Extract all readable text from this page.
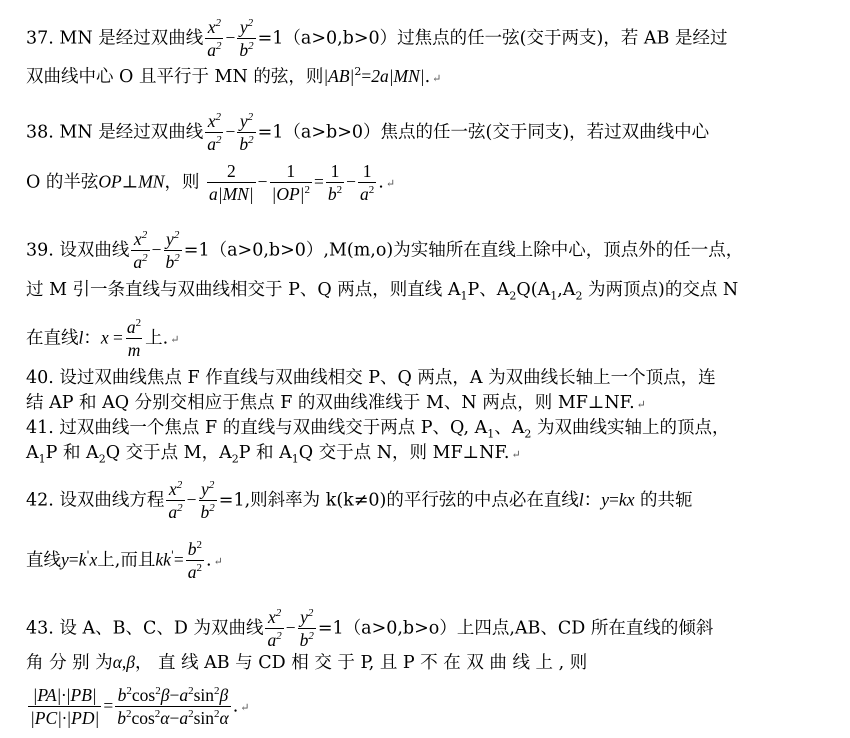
37. MN 是经过双曲线 $\frac{x^2}{a^2} - \frac{y^2}{b^2} =1(a>0,b>0)$过焦点的任一弦(交于两支)，若 AB 是经过
双曲线中心 O 且平行于 MN 的弦，则$|AB|^2=2a|MN|$. ↵
38. MN 是经过双曲线 $\frac{x^2}{a^2} - \frac{y^2}{b^2} =1(a>b>0)$焦点的任一弦(交于同支)，若过双曲线中心
O 的半弦OP⊥MN，则 $\frac{2}{a|MN|} - \frac{1}{|OP|^2} = \frac{1}{b^2} - \frac{1}{a^2}$ . ↵
39. 设双曲线 $\frac{x^2}{a^2} - \frac{y^2}{b^2} =1(a>0,b>0),M(m,o)$为实轴所在直线上除中心，顶点外的任一点，
过 M 引一条直线与双曲线相交于 P、Q 两点，则直线 $A_1P$、$A_2Q(A_1,A_2$ 为两顶点)的交点 N
在直线l：$x = \frac{a^2}{m}$ 上. ↵
40. 设过双曲线焦点 F 作直线与双曲线相交 P、Q 两点，A 为双曲线长轴上一个顶点，连
结 AP 和 AQ 分别交相应于焦点 F 的双曲线准线于 M、N 两点，则 MF⊥NF. ↵
41. 过双曲线一个焦点 F 的直线与双曲线交于两点 P、Q, $A_1$、$A_2$ 为双曲线实轴上的顶点，
$A_1P$ 和 $A_2Q$ 交于点 M，$A_2P$ 和 $A_1Q$ 交于点 N，则 MF⊥NF. ↵
42. 设双曲线方程 $\frac{x^2}{a^2} - \frac{y^2}{b^2} =1$,则斜率为 k(k≠0)的平行弦的中点必在直线l：y=kx 的共轭
直线y=k'x上,而且$kk'= \frac{b^2}{a^2}$ . ↵
43. 设 A、B、C、D 为双曲线 $\frac{x^2}{a^2} - \frac{y^2}{b^2} =1(a>0,b>o)$上四点,AB、CD 所在直线的倾斜
角 分 别 为α,β， 直 线 AB 与 CD 相 交 于 P, 且 P 不 在 双 曲 线 上 , 则
$\frac{|PA|\cdot|PB|}{|PC|\cdot|PD|} = \frac{b^2\cos^2\beta-a^2\sin^2\beta}{b^2\cos^2\alpha-a^2\sin^2\alpha}$ . ↵
